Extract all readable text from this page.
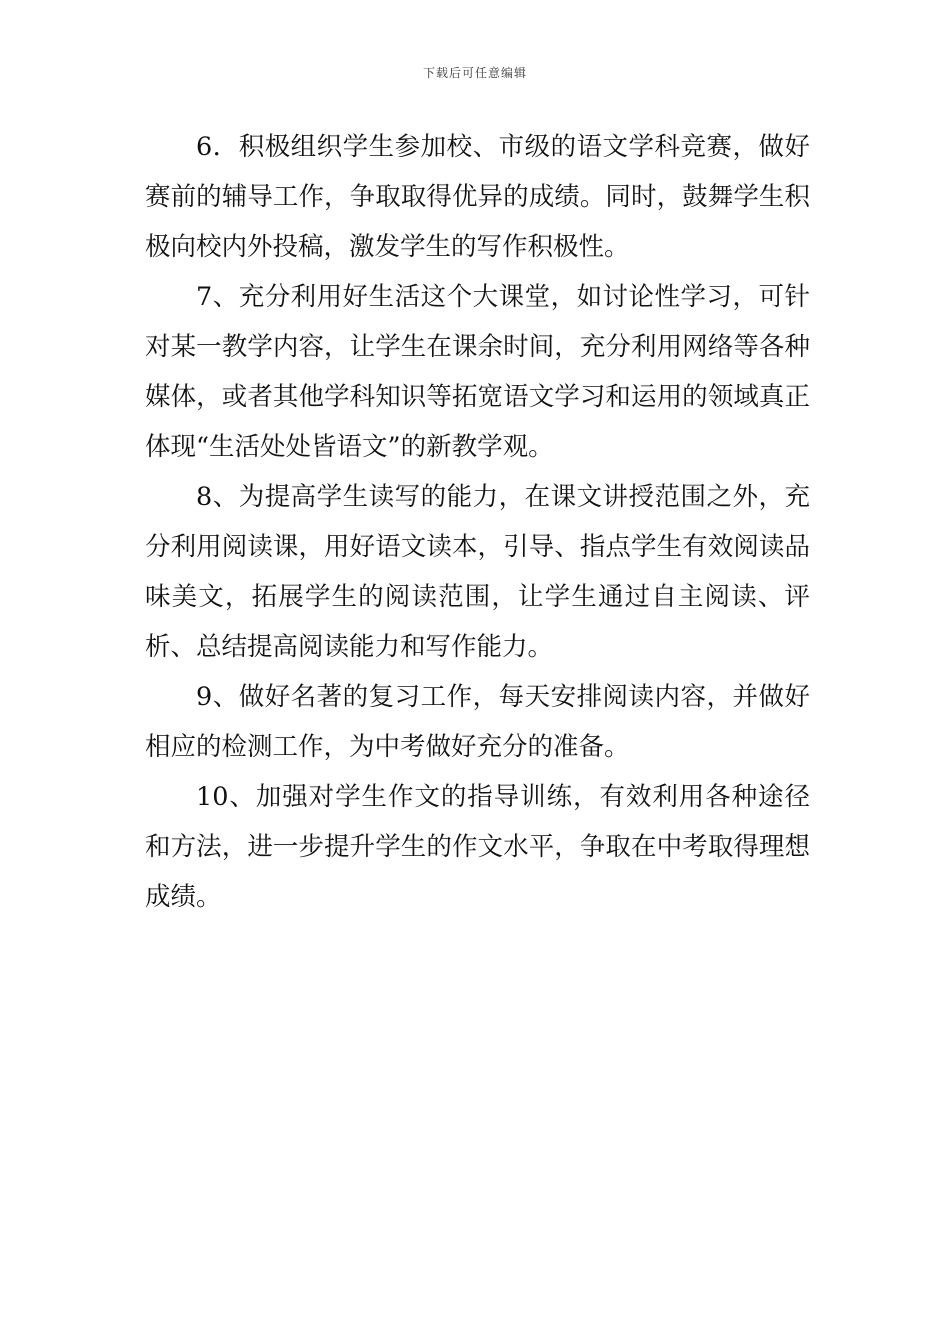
下载后可任意编辑

6．积极组织学生参加校、市级的语文学科竞赛，做好赛前的辅导工作，争取取得优异的成绩。同时，鼓舞学生积极向校内外投稿，激发学生的写作积极性。

7、充分利用好生活这个大课堂，如讨论性学习，可针对某一教学内容，让学生在课余时间，充分利用网络等各种媒体，或者其他学科知识等拓宽语文学习和运用的领域真正体现“生活处处皆语文”的新教学观。

8、为提高学生读写的能力，在课文讲授范围之外，充分利用阅读课，用好语文读本，引导、指点学生有效阅读品味美文，拓展学生的阅读范围，让学生通过自主阅读、评析、总结提高阅读能力和写作能力。

9、做好名著的复习工作，每天安排阅读内容，并做好相应的检测工作，为中考做好充分的准备。

10、加强对学生作文的指导训练，有效利用各种途径和方法，进一步提升学生的作文水平，争取在中考取得理想成绩。
